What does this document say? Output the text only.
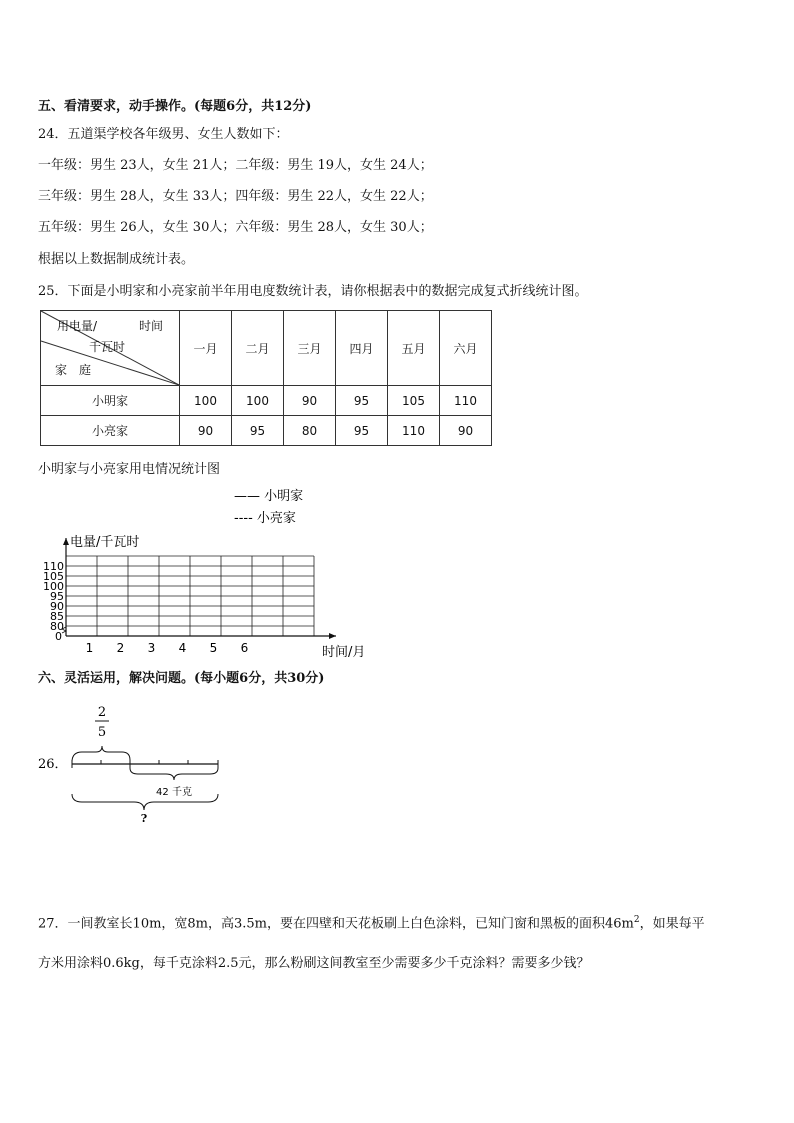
五、看清要求，动手操作。(每题6分，共12分)
24．五道渠学校各年级男、女生人数如下：
一年级：男生 23人，女生 21人；二年级：男生 19人，女生 24人；
三年级：男生 28人，女生 33人；四年级：男生 22人，女生 22人；
五年级：男生 26人，女生 30人；六年级：男生 28人，女生 30人；
根据以上数据制成统计表。
25．下面是小明家和小亮家前半年用电度数统计表，请你根据表中的数据完成复式折线统计图。
用电量/ 时间
千瓦时
家　庭	一月	二月	三月	四月	五月	六月
小明家	100	100	90	95	105	110
小亮家	90	95	80	95	110	90
小明家与小亮家用电情况统计图
80
85
90
95
100
105
110
0
1 2 3 4 5 6
电量/千瓦时
时间/月
—— 小明家
---- 小亮家
六、灵活运用，解决问题。(每小题6分，共30分)
26．
2
5
42 千克
?
27．一间教室长10m，宽8m，高3.5m，要在四壁和天花板刷上白色涂料，已知门窗和黑板的面积$46m^2$，如果每平
方米用涂料0.6kg，每千克涂料2.5元，那么粉刷这间教室至少需要多少千克涂料？需要多少钱？
